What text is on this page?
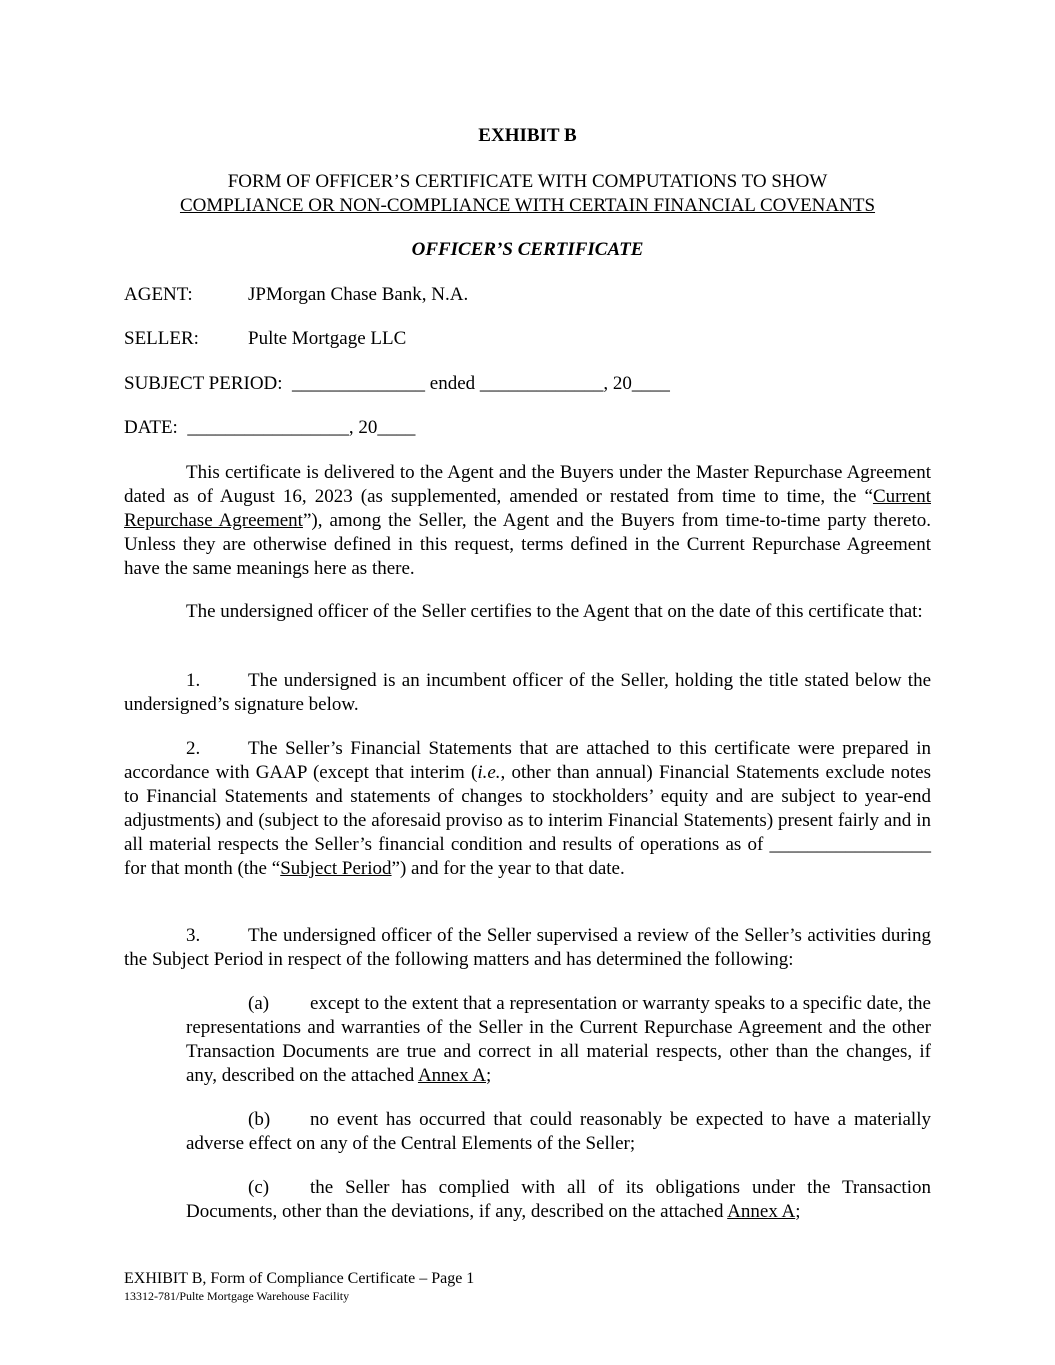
EXHIBIT B
FORM OF OFFICER’S CERTIFICATE WITH COMPUTATIONS TO SHOW
COMPLIANCE OR NON-COMPLIANCE WITH CERTAIN FINANCIAL COVENANTS
OFFICER’S CERTIFICATE
AGENT:	JPMorgan Chase Bank, N.A.
SELLER:	Pulte Mortgage LLC
SUBJECT PERIOD:  ______________ ended _____________, 20____
DATE:  _________________, 20____
This certificate is delivered to the Agent and the Buyers under the Master Repurchase Agreement dated as of August 16, 2023 (as supplemented, amended or restated from time to time, the “Current Repurchase Agreement”), among the Seller, the Agent and the Buyers from time-to-time party thereto. Unless they are otherwise defined in this request, terms defined in the Current Repurchase Agreement have the same meanings here as there.
The undersigned officer of the Seller certifies to the Agent that on the date of this certificate that:
1.	The undersigned is an incumbent officer of the Seller, holding the title stated below the undersigned’s signature below.
2.	The Seller’s Financial Statements that are attached to this certificate were prepared in accordance with GAAP (except that interim (i.e., other than annual) Financial Statements exclude notes to Financial Statements and statements of changes to stockholders’ equity and are subject to year-end adjustments) and (subject to the aforesaid proviso as to interim Financial Statements) present fairly and in all material respects the Seller’s financial condition and results of operations as of _________________ for that month (the “Subject Period”) and for the year to that date.
3.	The undersigned officer of the Seller supervised a review of the Seller’s activities during the Subject Period in respect of the following matters and has determined the following:
(a) except to the extent that a representation or warranty speaks to a specific date, the representations and warranties of the Seller in the Current Repurchase Agreement and the other Transaction Documents are true and correct in all material respects, other than the changes, if any, described on the attached Annex A;
(b) no event has occurred that could reasonably be expected to have a materially adverse effect on any of the Central Elements of the Seller;
(c) the Seller has complied with all of its obligations under the Transaction Documents, other than the deviations, if any, described on the attached Annex A;
EXHIBIT B, Form of Compliance Certificate – Page 1
13312-781/Pulte Mortgage Warehouse Facility
